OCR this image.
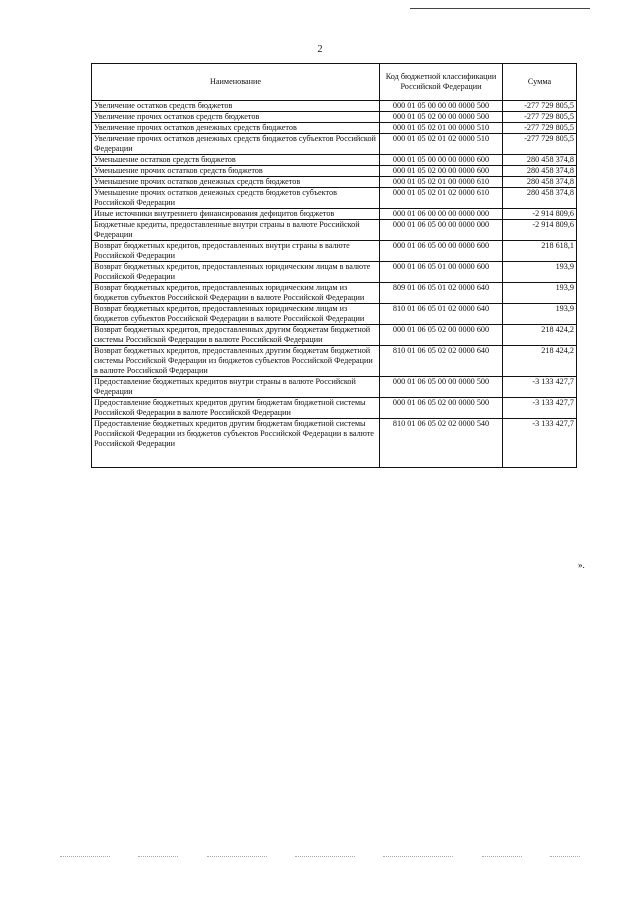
2
Наименование	Код бюджетной классификации Российской Федерации	Сумма
Увеличение остатков средств бюджетов	000 01 05 00 00 00 0000 500	-277 729 805,5
Увеличение прочих остатков средств бюджетов	000 01 05 02 00 00 0000 500	-277 729 805,5
Увеличение прочих остатков денежных средств бюджетов	000 01 05 02 01 00 0000 510	-277 729 805,5
Увеличение прочих остатков денежных средств бюджетов субъектов Российской Федерации	000 01 05 02 01 02 0000 510	-277 729 805,5
Уменьшение остатков средств бюджетов	000 01 05 00 00 00 0000 600	280 458 374,8
Уменьшение прочих остатков средств бюджетов	000 01 05 02 00 00 0000 600	280 458 374,8
Уменьшение прочих остатков денежных средств бюджетов	000 01 05 02 01 00 0000 610	280 458 374,8
Уменьшение прочих остатков денежных средств бюджетов субъектов Российской Федерации	000 01 05 02 01 02 0000 610	280 458 374,8
Иные источники внутреннего финансирования дефицитов бюджетов	000 01 06 00 00 00 0000 000	-2 914 809,6
Бюджетные кредиты, предоставленные внутри страны в валюте Российской Федерации	000 01 06 05 00 00 0000 000	-2 914 809,6
Возврат бюджетных кредитов, предоставленных внутри страны в валюте Российской Федерации	000 01 06 05 00 00 0000 600	218 618,1
Возврат бюджетных кредитов, предоставленных юридическим лицам в валюте Российской Федерации	000 01 06 05 01 00 0000 600	193,9
Возврат бюджетных кредитов, предоставленных юридическим лицам из бюджетов субъектов Российской Федерации в валюте Российской Федерации	809 01 06 05 01 02 0000 640	193,9
Возврат бюджетных кредитов, предоставленных юридическим лицам из бюджетов субъектов Российской Федерации в валюте Российской Федерации	810 01 06 05 01 02 0000 640	193,9
Возврат бюджетных кредитов, предоставленных другим бюджетам бюджетной системы Российской Федерации в валюте Российской Федерации	000 01 06 05 02 00 0000 600	218 424,2
Возврат бюджетных кредитов, предоставленных другим бюджетам бюджетной системы Российской Федерации из бюджетов субъектов Российской Федерации в валюте Российской Федерации	810 01 06 05 02 02 0000 640	218 424,2
Предоставление бюджетных кредитов внутри страны в валюте Российской Федерации	000 01 06 05 00 00 0000 500	-3 133 427,7
Предоставление бюджетных кредитов другим бюджетам бюджетной системы Российской Федерации в валюте Российской Федерации	000 01 06 05 02 00 0000 500	-3 133 427,7
Предоставление бюджетных кредитов другим бюджетам бюджетной системы Российской Федерации из бюджетов субъектов Российской Федерации в валюте Российской Федерации	810 01 06 05 02 02 0000 540	-3 133 427,7
».
